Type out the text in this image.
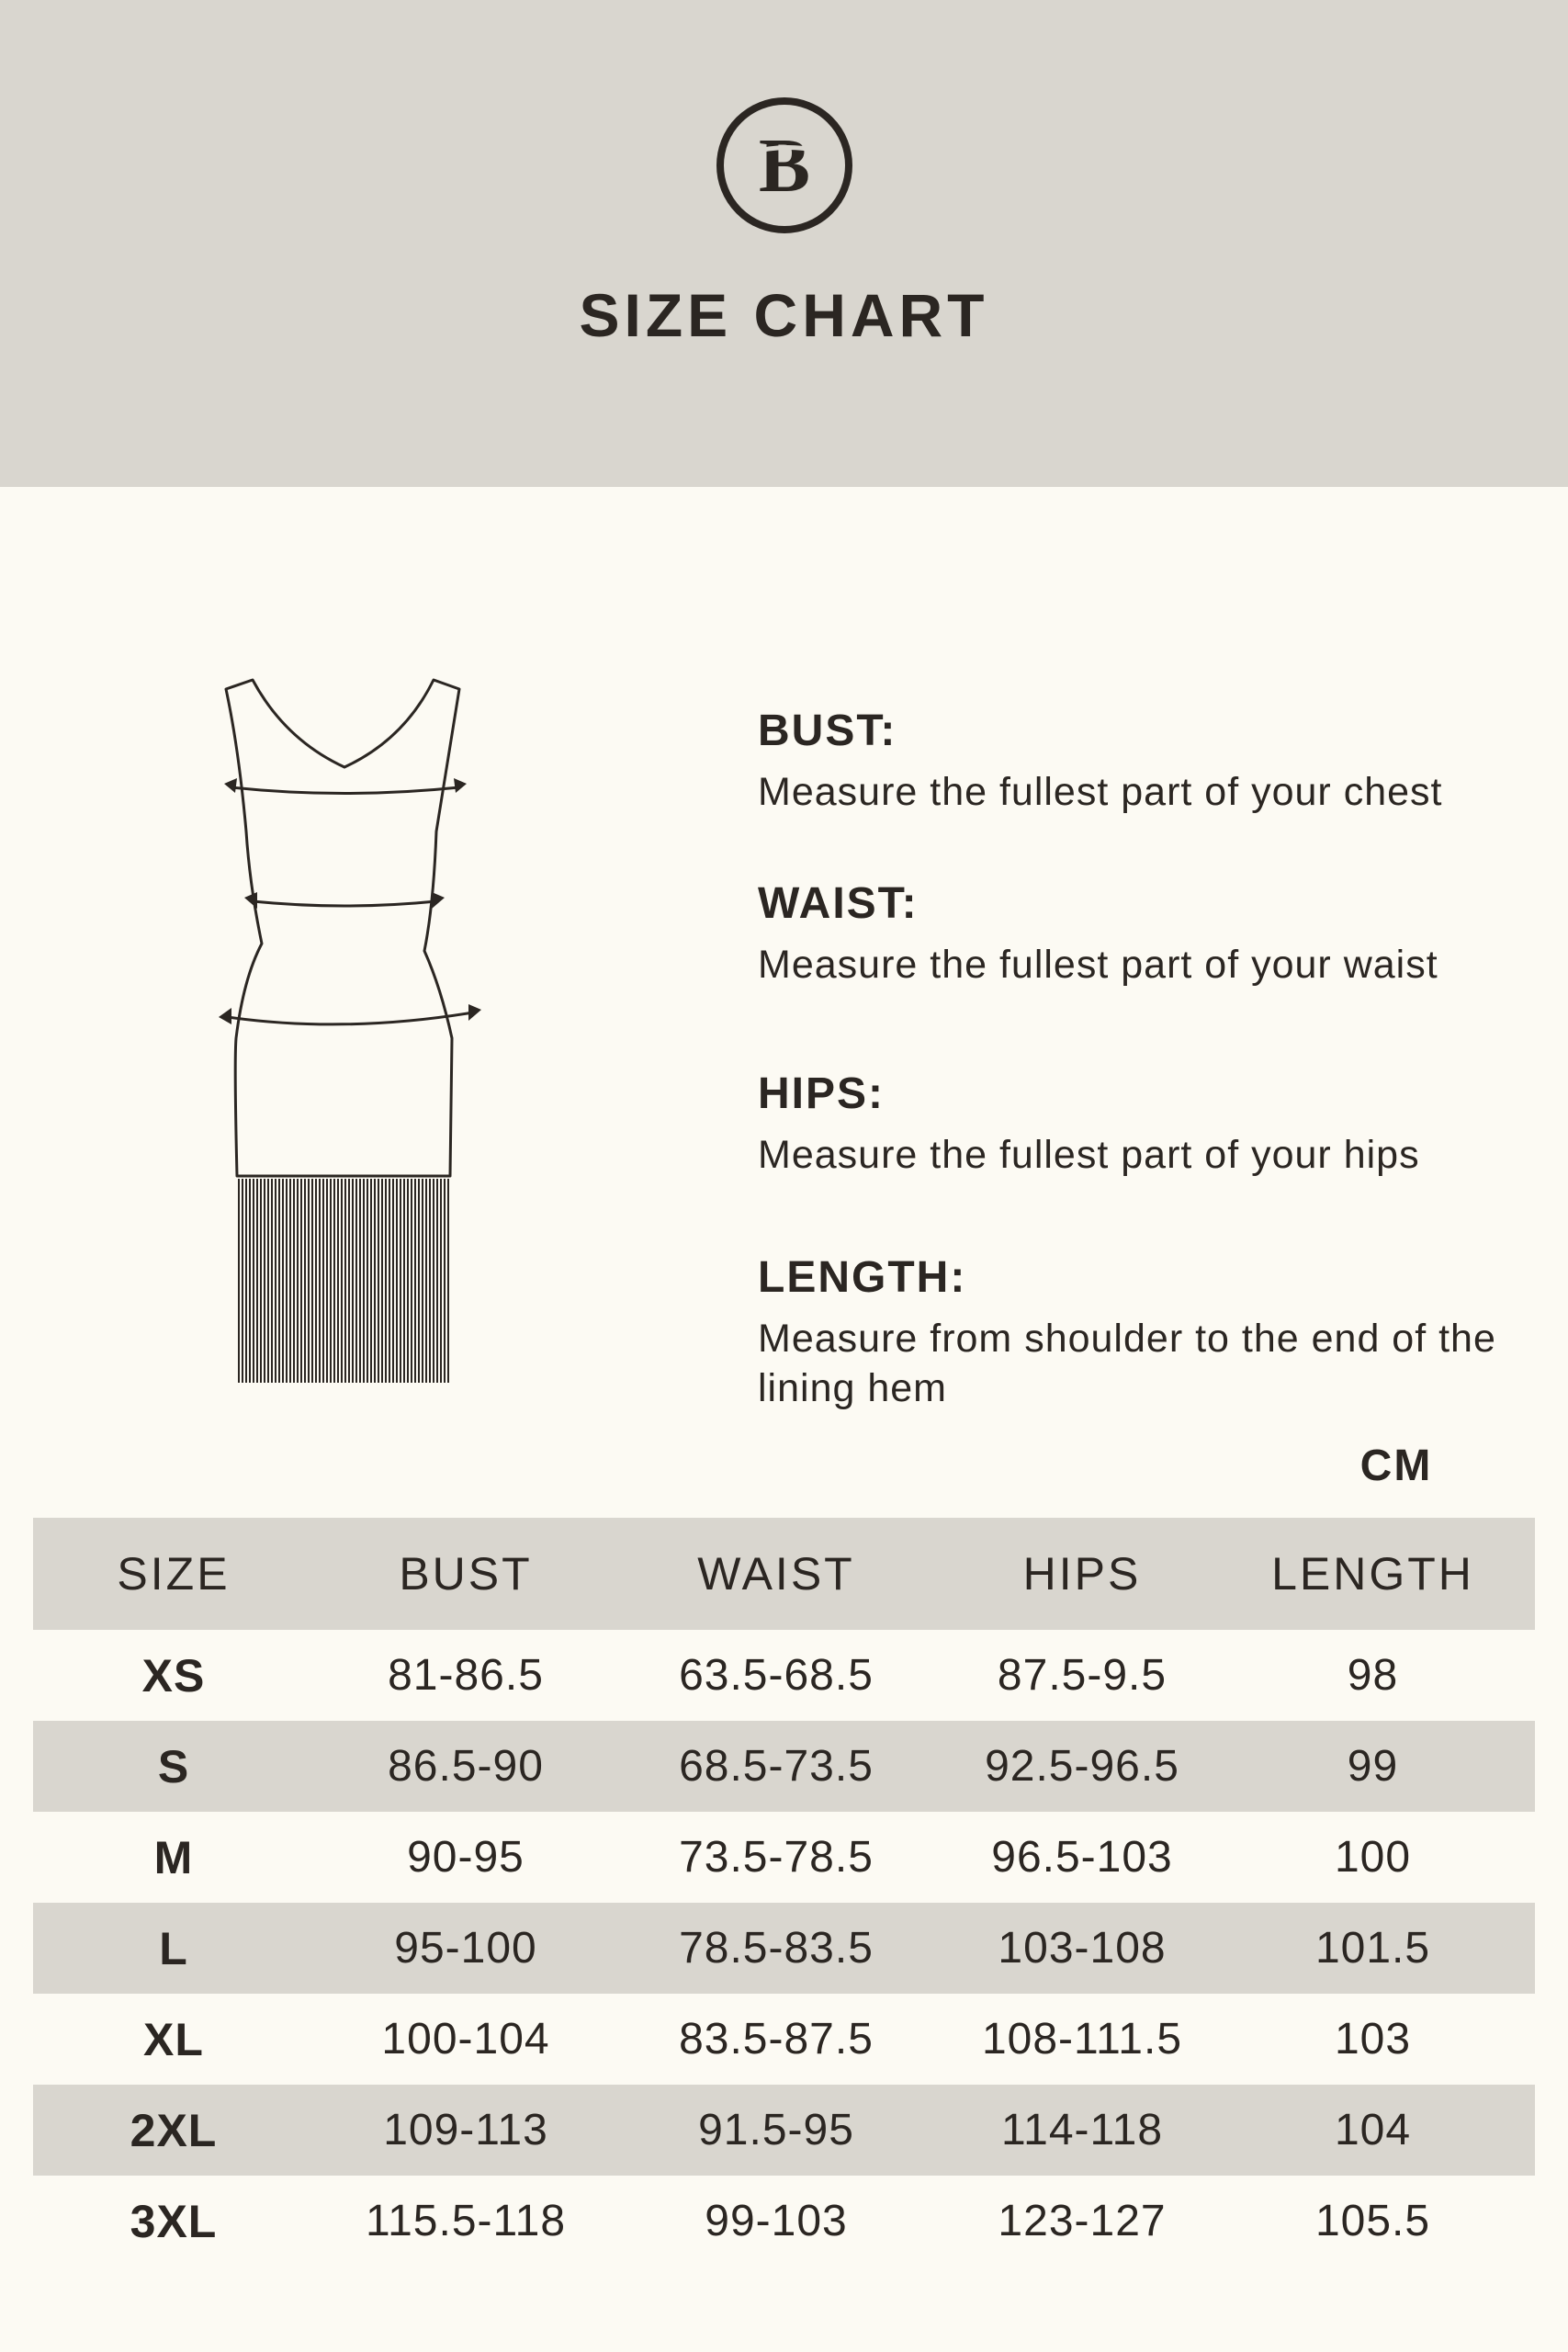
B
SIZE CHART
BUST:
Measure the fullest part of your chest
WAIST:
Measure the fullest part of your waist
HIPS:
Measure the fullest part of your hips
LENGTH:
Measure from shoulder to the end of the lining hem
CM
SIZE	BUST	WAIST	HIPS	LENGTH
XS	81-86.5	63.5-68.5	87.5-9.5	98
S	86.5-90	68.5-73.5	92.5-96.5	99
M	90-95	73.5-78.5	96.5-103	100
L	95-100	78.5-83.5	103-108	101.5
XL	100-104	83.5-87.5	108-111.5	103
2XL	109-113	91.5-95	114-118	104
3XL	115.5-118	99-103	123-127	105.5
